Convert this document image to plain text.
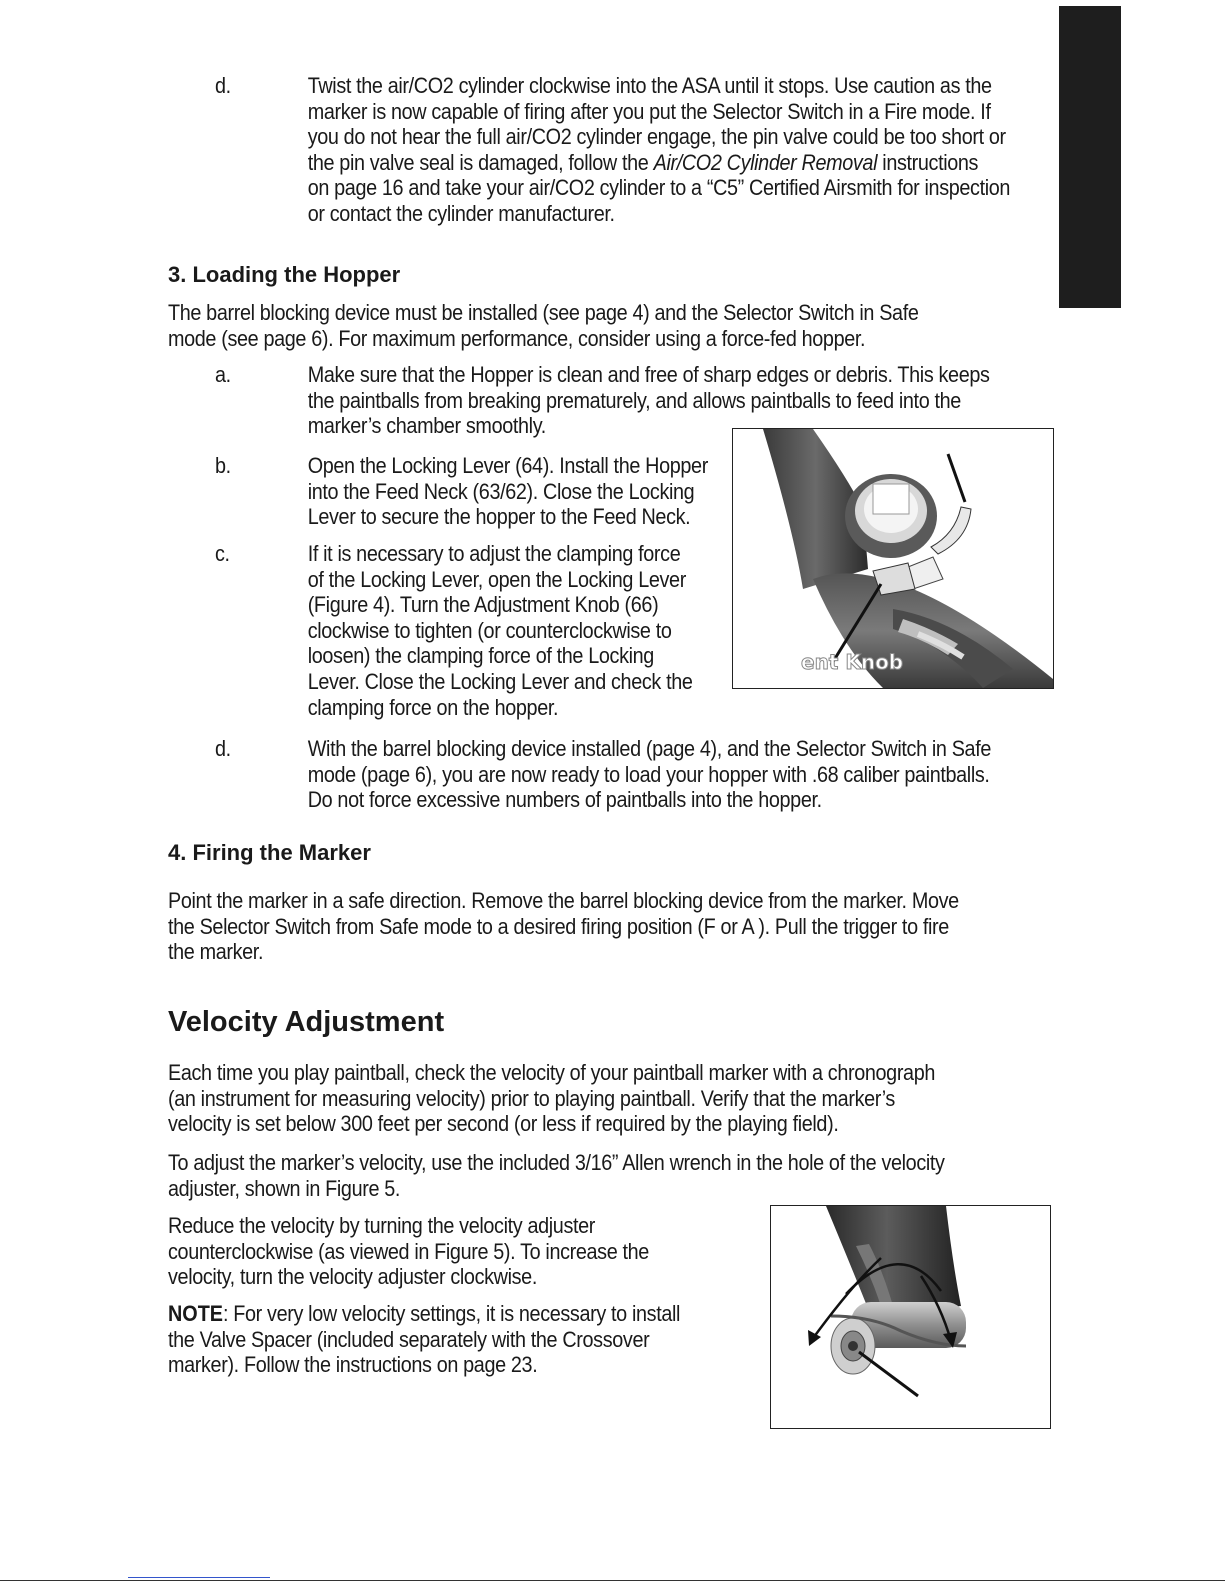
d.	Twist the air/CO2 cylinder clockwise into the ASA until it stops. Use caution as the
marker is now capable of firing after you put the Selector Switch in a Fire mode. If
you do not hear the full air/CO2 cylinder engage, the pin valve could be too short or
the pin valve seal is damaged, follow the Air/CO2 Cylinder Removal instructions
on page 16 and take your air/CO2 cylinder to a “C5” Certified Airsmith for inspection
or contact the cylinder manufacturer.
3. Loading the Hopper
The barrel blocking device must be installed (see page 4) and the Selector Switch in Safe
mode (see page 6). For maximum performance, consider using a force-fed hopper.
a.	Make sure that the Hopper is clean and free of sharp edges or debris. This keeps
the paintballs from breaking prematurely, and allows paintballs to feed into the
marker’s chamber smoothly.
b.	Open the Locking Lever (64). Install the Hopper
into the Feed Neck (63/62). Close the Locking
Lever to secure the hopper to the Feed Neck.
c.	If it is necessary to adjust the clamping force
of the Locking Lever, open the Locking Lever
(Figure 4). Turn the Adjustment Knob (66)
clockwise to tighten (or counterclockwise to
loosen) the clamping force of the Locking
Lever. Close the Locking Lever and check the
clamping force on the hopper.
ent Knob
d.	With the barrel blocking device installed (page 4), and the Selector Switch in Safe
mode (page 6), you are now ready to load your hopper with .68 caliber paintballs.
Do not force excessive numbers of paintballs into the hopper.
4. Firing the Marker
Point the marker in a safe direction. Remove the barrel blocking device from the marker. Move
the Selector Switch from Safe mode to a desired firing position (F or A ). Pull the trigger to fire
the marker.
Velocity Adjustment
Each time you play paintball, check the velocity of your paintball marker with a chronograph
(an instrument for measuring velocity) prior to playing paintball. Verify that the marker’s
velocity is set below 300 feet per second (or less if required by the playing field).
To adjust the marker’s velocity, use the included 3/16” Allen wrench in the hole of the velocity
adjuster, shown in Figure 5.
Reduce the velocity by turning the velocity adjuster
counterclockwise (as viewed in Figure 5). To increase the
velocity, turn the velocity adjuster clockwise.
NOTE: For very low velocity settings, it is necessary to install
the Valve Spacer (included separately with the Crossover
marker). Follow the instructions on page 23.
